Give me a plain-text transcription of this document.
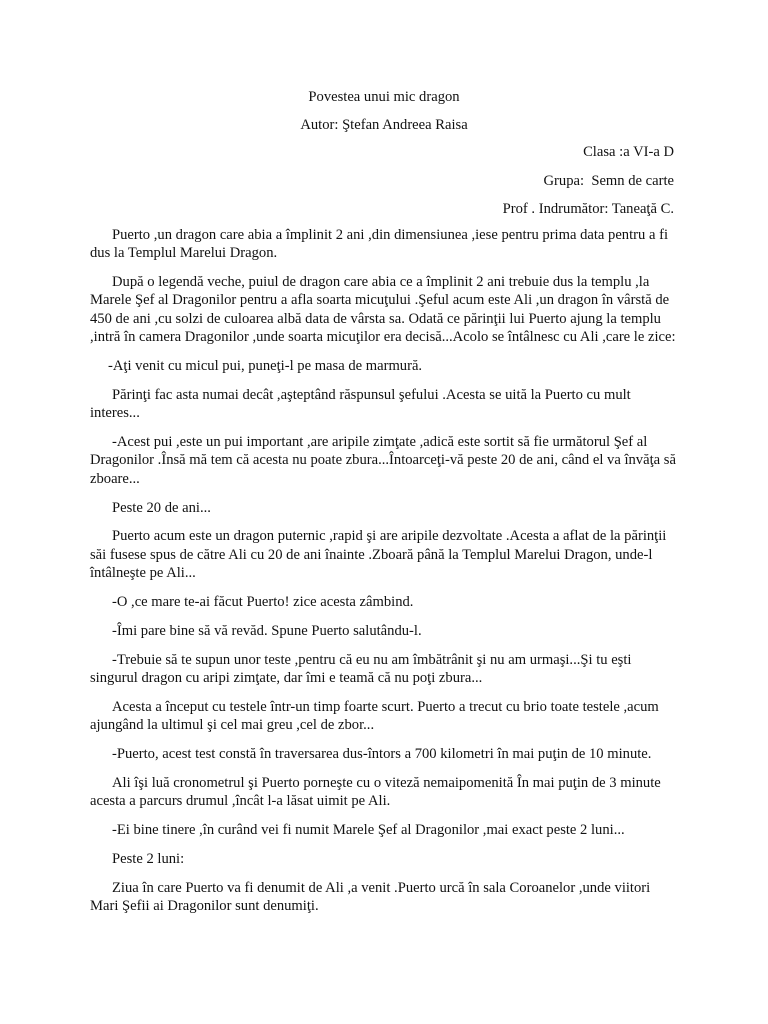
Povestea unui mic dragon
Autor: Ştefan Andreea Raisa
Clasa :a VI-a D
Grupa:  Semn de carte
Prof . Indrumător: Taneaţă C.

Puerto ,un dragon care abia a împlinit 2 ani ,din dimensiunea ,iese pentru prima data pentru a fi dus la Templul Marelui Dragon.

După o legendă veche, puiul de dragon care abia ce a împlinit 2 ani trebuie dus la templu ,la Marele Şef al Dragonilor pentru a afla soarta micuţului .Şeful acum este Ali ,un dragon în vârstă de 450 de ani ,cu solzi de culoarea albă data de vârsta sa. Odată ce părinţii lui Puerto ajung la templu ,intră în camera Dragonilor ,unde soarta micuţilor era decisă...Acolo se întâlnesc cu Ali ,care le zice:

-Aţi venit cu micul pui, puneţi-l pe masa de marmură.

Părinţi fac asta numai decât ,aşteptând răspunsul şefului .Acesta se uită la Puerto cu mult interes...

-Acest pui ,este un pui important ,are aripile zimţate ,adică este sortit să fie următorul Şef al Dragonilor .Însă mă tem că acesta nu poate zbura...Întoarceţi-vă peste 20 de ani, când el va învăţa să zboare...

Peste 20 de ani...

Puerto acum este un dragon puternic ,rapid şi are aripile dezvoltate .Acesta a aflat de la părinţii săi fusese spus de către Ali cu 20 de ani înainte .Zboară până la Templul Marelui Dragon, unde-l întâlneşte pe Ali...

-O ,ce mare te-ai făcut Puerto! zice acesta zâmbind.

-Îmi pare bine să vă revăd. Spune Puerto salutându-l.

-Trebuie să te supun unor teste ,pentru că eu nu am îmbătrânit şi nu am urmaşi...Şi tu eşti singurul dragon cu aripi zimţate, dar îmi e teamă că nu poţi zbura...

Acesta a început cu testele într-un timp foarte scurt. Puerto a trecut cu brio toate testele ,acum ajungând la ultimul şi cel mai greu ,cel de zbor...

-Puerto, acest test constă în traversarea dus-întors a 700 kilometri în mai puţin de 10 minute.

Ali îşi luă cronometrul şi Puerto porneşte cu o viteză nemaipomenită În mai puţin de 3 minute acesta a parcurs drumul ,încât l-a lăsat uimit pe Ali.

-Ei bine tinere ,în curând vei fi numit Marele Şef al Dragonilor ,mai exact peste 2 luni...

Peste 2 luni:

Ziua în care Puerto va fi denumit de Ali ,a venit .Puerto urcă în sala Coroanelor ,unde viitori Mari Şefii ai Dragonilor sunt denumiţi.
